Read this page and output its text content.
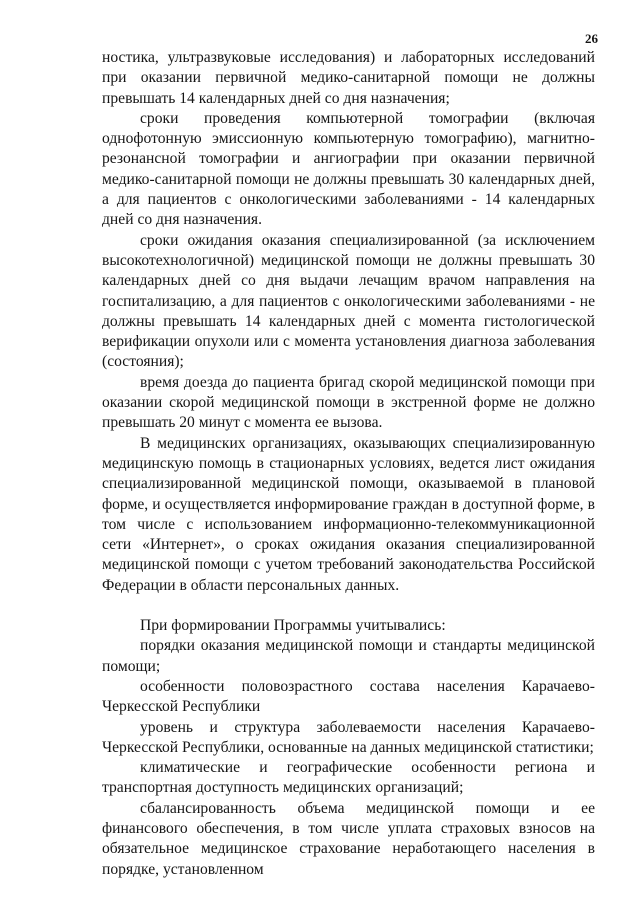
26

ностика, ультразвуковые исследования) и лабораторных исследований при оказании первичной медико-санитарной помощи не должны превышать 14 календарных дней со дня назначения;

сроки проведения компьютерной томографии (включая однофотонную эмиссионную компьютерную томографию), магнитно-резонансной томографии и ангиографии при оказании первичной медико-санитарной помощи не должны превышать 30 календарных дней, а для пациентов с онкологическими заболеваниями - 14 календарных дней со дня назначения.

сроки ожидания оказания специализированной (за исключением высокотехнологичной) медицинской помощи не должны превышать 30 календарных дней со дня выдачи лечащим врачом направления на госпитализацию, а для пациентов с онкологическими заболеваниями - не должны превышать 14 календарных дней с момента гистологической верификации опухоли или с момента установления диагноза заболевания (состояния);

время доезда до пациента бригад скорой медицинской помощи при оказании скорой медицинской помощи в экстренной форме не должно превышать 20 минут с момента ее вызова.

В медицинских организациях, оказывающих специализированную медицинскую помощь в стационарных условиях, ведется лист ожидания специализированной медицинской помощи, оказываемой в плановой форме, и осуществляется информирование граждан в доступной форме, в том числе с использованием информационно-телекоммуникационной сети «Интернет», о сроках ожидания оказания специализированной медицинской помощи с учетом требований законодательства Российской Федерации в области персональных данных.

При формировании Программы учитывались:

порядки оказания медицинской помощи и стандарты медицинской помощи;

особенности половозрастного состава населения Карачаево-Черкесской Республики

уровень и структура заболеваемости населения Карачаево-Черкесской Республики, основанные на данных медицинской статистики;

климатические и географические особенности региона и транспортная доступность медицинских организаций;

сбалансированность объема медицинской помощи и ее финансового обеспечения, в том числе уплата страховых взносов на обязательное медицинское страхование неработающего населения в порядке, установленном
